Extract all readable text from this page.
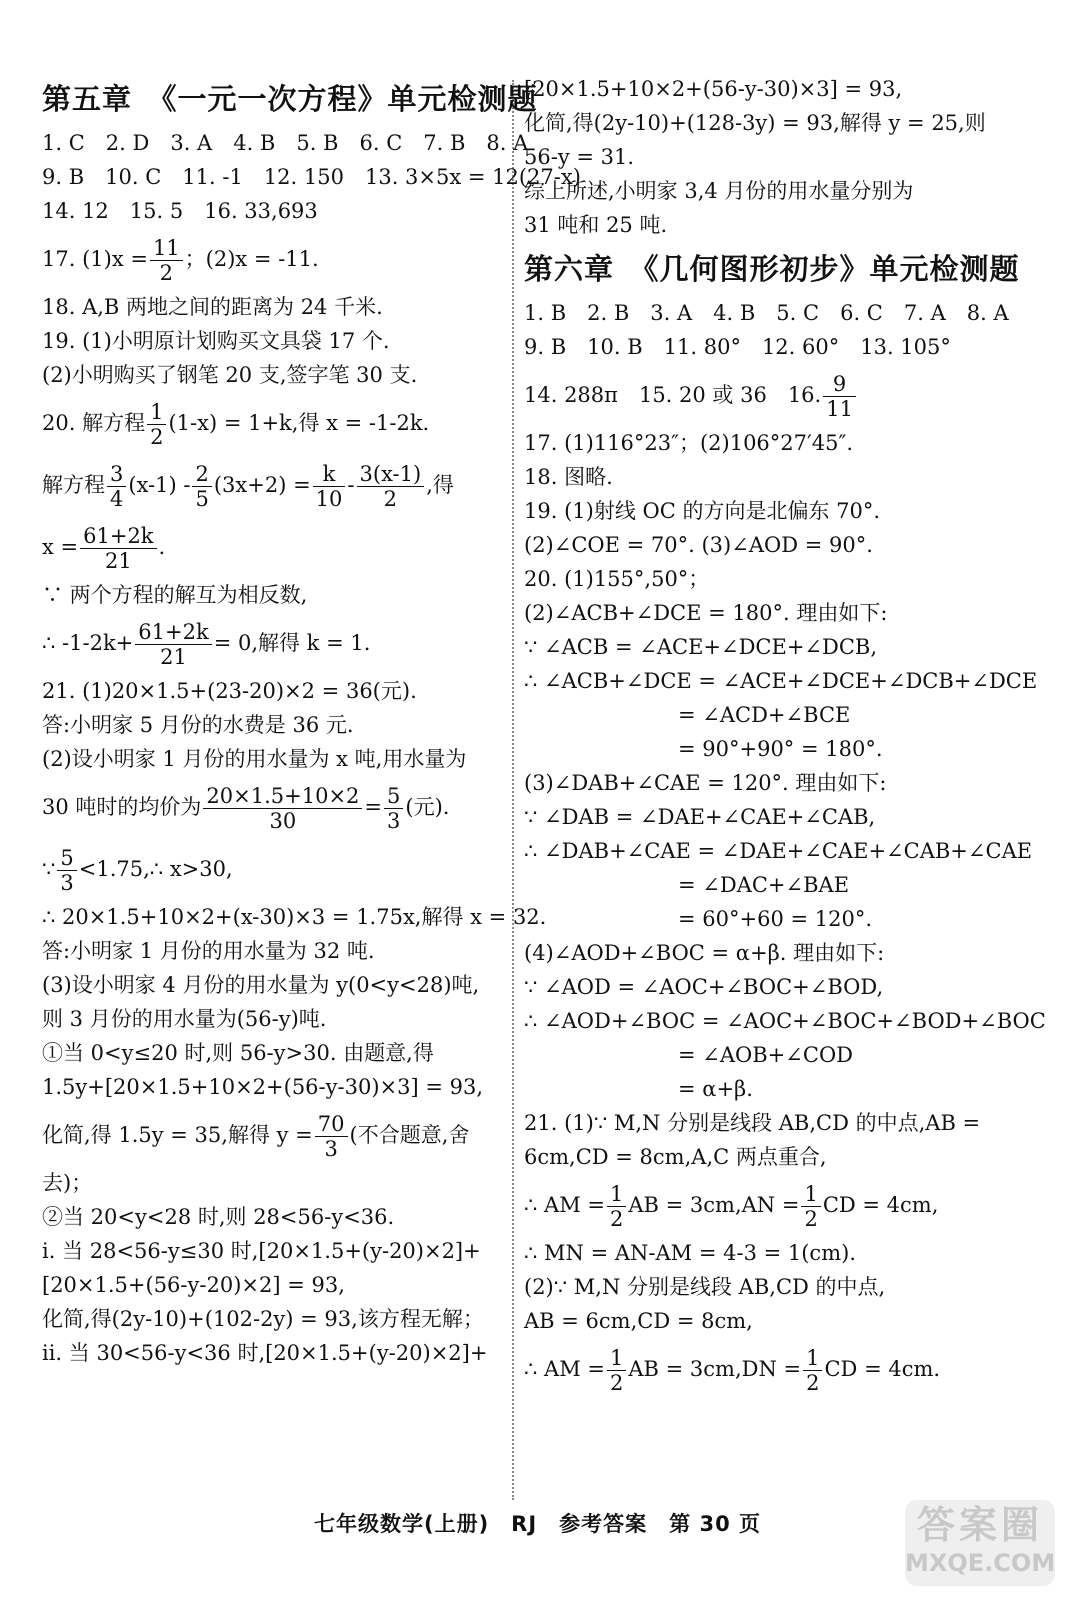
第五章　《一元一次方程》单元检测题
1. C　2. D　3. A　4. B　5. B　6. C　7. B　8. A
9. B　10. C　11. -1　12. 150　13. 3×5x = 12(27-x)
14. 12　15. 5　16. 33,693
17. $(1)x = \frac{11}{2}$ ；(2)x = -11.
18. A,B 两地之间的距离为 24 千米.
19. (1)小明原计划购买文具袋 17 个.
(2)小明购买了钢笔 20 支,签字笔 30 支.
20. 解方程 $\frac{1}{2} (1-x) = 1+k$,得 x = -1-2k.
解方程 $\frac{3}{4} (x-1) - \frac{2}{5} (3x+2) = \frac{k}{10} - \frac{3(x-1)}{2}$ ,得
$x = \frac{61+2k}{21}$ .
∵ 两个方程的解互为相反数,
∴ $-1-2k+ \frac{61+2k}{21} = 0$,解得 k = 1.
21. (1)20×1.5+(23-20)×2 = 36(元).
答:小明家 5 月份的水费是 36 元.
(2)设小明家 1 月份的用水量为 x 吨,用水量为
30 吨时的均价为 $\frac{20\times 1.5+10\times 2}{30} = \frac{5}{3}$ (元).
∵ $\frac{5}{3}$ <1.75,∴ x>30,
∴ 20×1.5+10×2+(x-30)×3 = 1.75x,解得 x = 32.
答:小明家 1 月份的用水量为 32 吨.
(3)设小明家 4 月份的用水量为 y(0<y<28)吨,
则 3 月份的用水量为(56-y)吨.
①当 0<y≤20 时,则 56-y>30. 由题意,得
1.5y+[20×1.5+10×2+(56-y-30)×3] = 93,
化简,得 1.5y = 35,解得 $y = \frac{70}{3}$ (不合题意,舍
去)；
②当 20<y<28 时,则 28<56-y<36.
ⅰ. 当 28<56-y≤30 时,[20×1.5+(y-20)×2]+
[20×1.5+(56-y-20)×2] = 93,
化简,得(2y-10)+(102-2y) = 93,该方程无解；
ⅱ. 当 30<56-y<36 时,[20×1.5+(y-20)×2]+
[20×1.5+10×2+(56-y-30)×3] = 93,
化简,得(2y-10)+(128-3y) = 93,解得 y = 25,则
56-y = 31.
综上所述,小明家 3,4 月份的用水量分别为
31 吨和 25 吨.
第六章　《几何图形初步》单元检测题
1. B　2. B　3. A　4. B　5. C　6. C　7. A　8. A
9. B　10. B　11. 80°　12. 60°　13. 105°
14. 288π　15. 20 或 36　16. $\frac{9}{11}$
17. (1)116°23″；(2)106°27′45″.
18. 图略.
19. (1)射线 OC 的方向是北偏东 70°.
(2)∠COE = 70°. (3)∠AOD = 90°.
20. (1)155°,50°；
(2)∠ACB+∠DCE = 180°. 理由如下:
∵ ∠ACB = ∠ACE+∠DCE+∠DCB,
∴ ∠ACB+∠DCE = ∠ACE+∠DCE+∠DCB+∠DCE
= ∠ACD+∠BCE
= 90°+90° = 180°.
(3)∠DAB+∠CAE = 120°. 理由如下:
∵ ∠DAB = ∠DAE+∠CAE+∠CAB,
∴ ∠DAB+∠CAE = ∠DAE+∠CAE+∠CAB+∠CAE
= ∠DAC+∠BAE
= 60°+60 = 120°.
(4)∠AOD+∠BOC = α+β. 理由如下:
∵ ∠AOD = ∠AOC+∠BOC+∠BOD,
∴ ∠AOD+∠BOC = ∠AOC+∠BOC+∠BOD+∠BOC
= ∠AOB+∠COD
= α+β.
21. (1)∵ M,N 分别是线段 AB,CD 的中点,AB =
6cm,CD = 8cm,A,C 两点重合,
∴ AM = $\frac{1}{2}$ AB = $3cm,AN = \frac{1}{2}$ CD = 4cm,
∴ MN = AN-AM = 4-3 = 1(cm).
(2)∵ M,N 分别是线段 AB,CD 的中点,
AB = 6cm,CD = 8cm,
∴ AM = $\frac{1}{2}$ AB = $3cm,DN = \frac{1}{2}$ CD = 4cm.
七年级数学(上册)　RJ　参考答案　第 30 页	答案圈
MXQE.COM
